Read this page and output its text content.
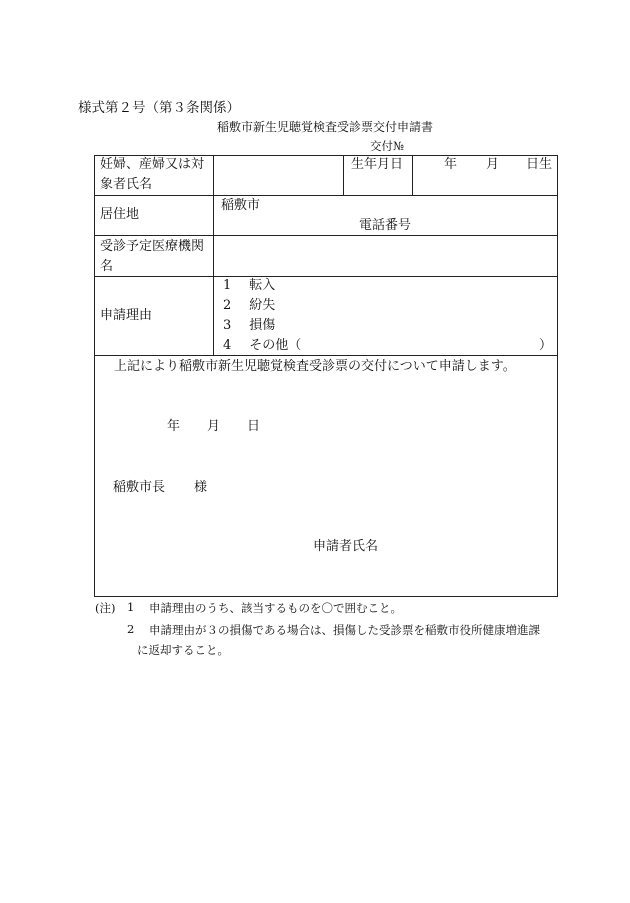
様式第２号（第３条関係）
稲敷市新生児聴覚検査受診票交付申請書
交付№
妊婦、産婦又は対
象者氏名
生年月日	年 月 日生
居住地
稲敷市
電話番号
受診予定医療機関
名
申請理由
1 転入
2 紛失
3 損傷
4 その他（	）
上記により稲敷市新生児聴覚検査受診票の交付について申請します。
年 月 日
稲敷市長 様
申請者氏名
(注) 1 申請理由のうち、該当するものを〇で囲むこと。
2 申請理由が３の損傷である場合は、損傷した受診票を稲敷市役所健康増進課
に返却すること。
